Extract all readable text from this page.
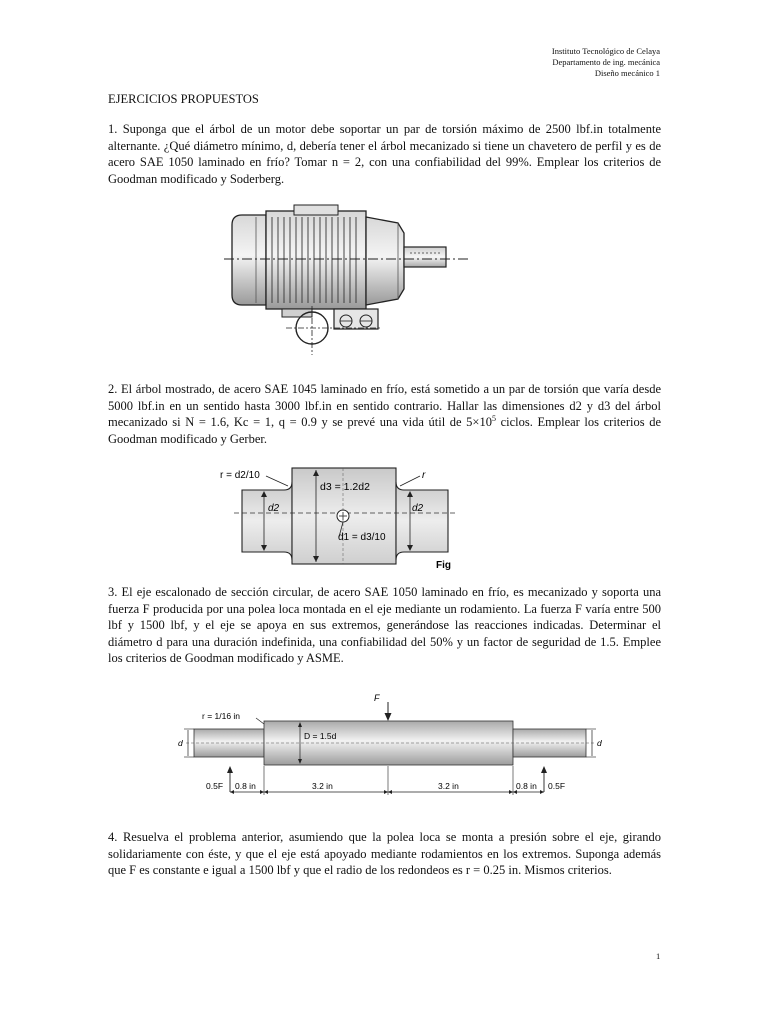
Instituto Tecnológico de Celaya
Departamento de ing. mecánica
Diseño mecánico 1
EJERCICIOS PROPUESTOS

1. Suponga que el árbol de un motor debe soportar un par de torsión máximo de 2500 lbf.in totalmente alternante. ¿Qué diámetro mínimo, d, debería tener el árbol mecanizado si tiene un chavetero de perfil y es de acero SAE 1050 laminado en frío? Tomar n = 2, con una confiabilidad del 99%. Emplear los criterios de Goodman modificado y Soderberg.

2. El árbol mostrado, de acero SAE 1045 laminado en frío, está sometido a un par de torsión que varía desde 5000 lbf.in en un sentido hasta 3000 lbf.in en sentido contrario. Hallar las dimensiones d2 y d3 del árbol mecanizado si N = 1.6, Kc = 1, q = 0.9 y se prevé una vida útil de $5\times 10^5$ ciclos. Emplear los criterios de Goodman modificado y Gerber.

r = d2/10	r
d3 = 1.2d2
d2	d2
d1 = d3/10
Fig

3. El eje escalonado de sección circular, de acero SAE 1050 laminado en frío, es mecanizado y soporta una fuerza F producida por una polea loca montada en el eje mediante un rodamiento. La fuerza F varía entre 500 lbf y 1500 lbf, y el eje se apoya en sus extremos, generándose las reacciones indicadas. Determinar el diámetro d para una duración indefinida, una confiabilidad del 50% y un factor de seguridad de 1.5. Emplee los criterios de Goodman modificado y ASME.

F
r = 1/16 in
D = 1.5d
d	d
0.5F	0.5F
0.8 in	3.2 in	3.2 in	0.8 in

4. Resuelva el problema anterior, asumiendo que la polea loca se monta a presión sobre el eje, girando solidariamente con éste, y que el eje está apoyado mediante rodamientos en los extremos. Suponga además que F es constante e igual a 1500 lbf y que el radio de los redondeos es r = 0.25 in. Mismos criterios.

1
